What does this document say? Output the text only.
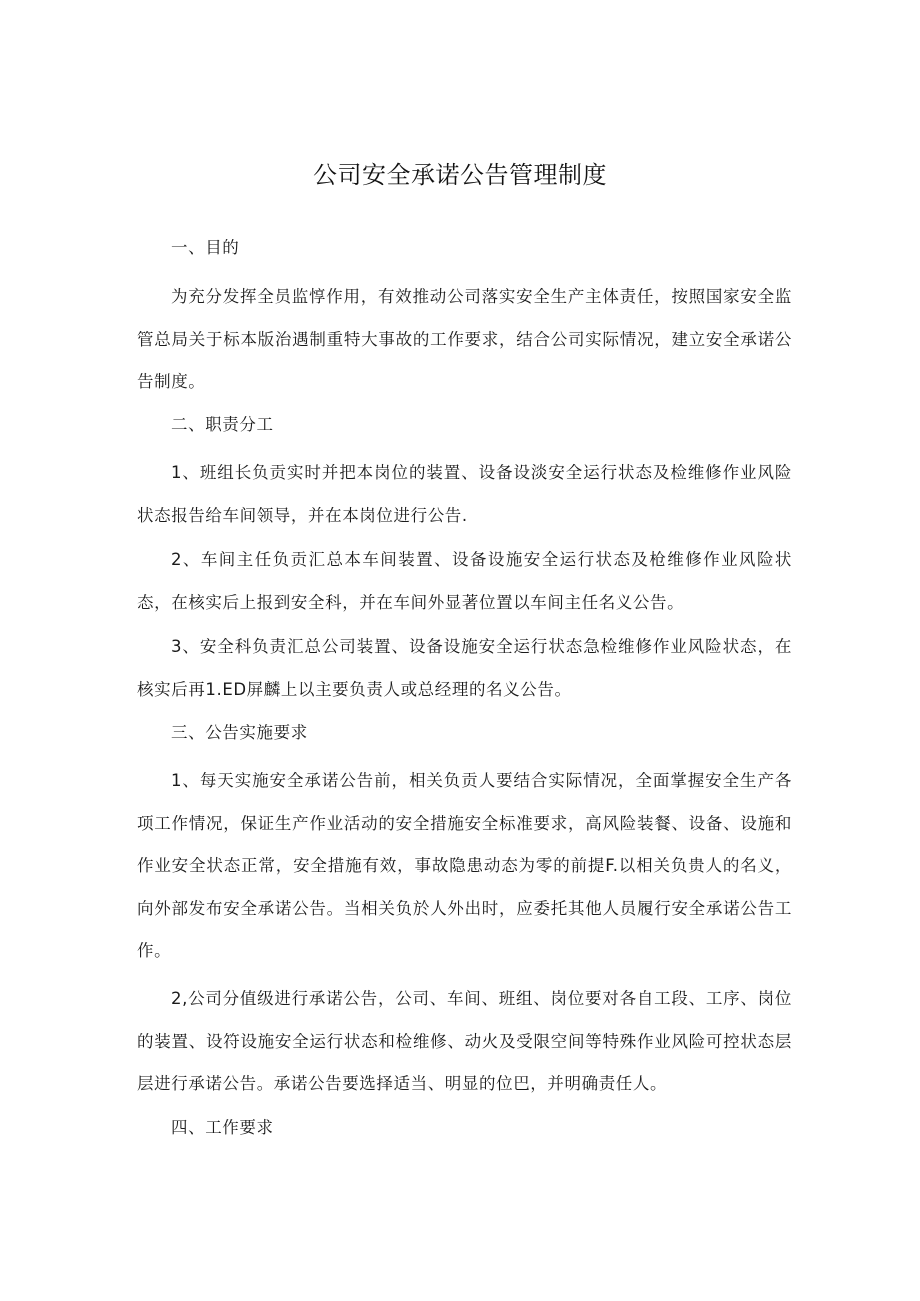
公司安全承诺公告管理制度
一、目的

为充分发挥全员监惇作用，有效推动公司落实安全生产主体责任，按照国家安全监管总局关于标本版治遇制重特大事故的工作要求，结合公司实际情况，建立安全承诺公告制度。

二、职责分工

1、班组长负贡实时并把本岗位的装置、设备设淡安全运行状态及检维修作业风险状态报告给车间领导，并在本岗位进行公告.

2、车间主任负贡汇总本车间装置、设备设施安全运行状态及枪维修作业风险状态，在核实后上报到安全科，并在车间外显著位置以车间主任名义公告。

3、安全科负责汇总公司装置、设备设施安全运行状态急检维修作业风险状态，在核实后再1.ED屏麟上以主要负责人或总经理的名义公告。

三、公告实施要求

1、每天实施安全承诺公告前，相关负贡人要结合实际情况，全面掌握安全生产各项工作情况，保证生产作业活动的安全措施安全标准要求，高风险装餐、设备、设施和作业安全状态正常，安全措施有效，事故隐患动态为零的前提F.以相关负贵人的名义，向外部发布安全承诺公告。当相关负於人外出时，应委托其他人员履行安全承诺公告工作。

2,公司分值级进行承诺公告，公司、车间、班组、岗位要对各自工段、工序、岗位的装置、设符设施安全运行状态和检维修、动火及受限空间等特殊作业风险可控状态层层进行承诺公告。承诺公告要选择适当、明显的位巴，并明确责任人。

四、工作要求
